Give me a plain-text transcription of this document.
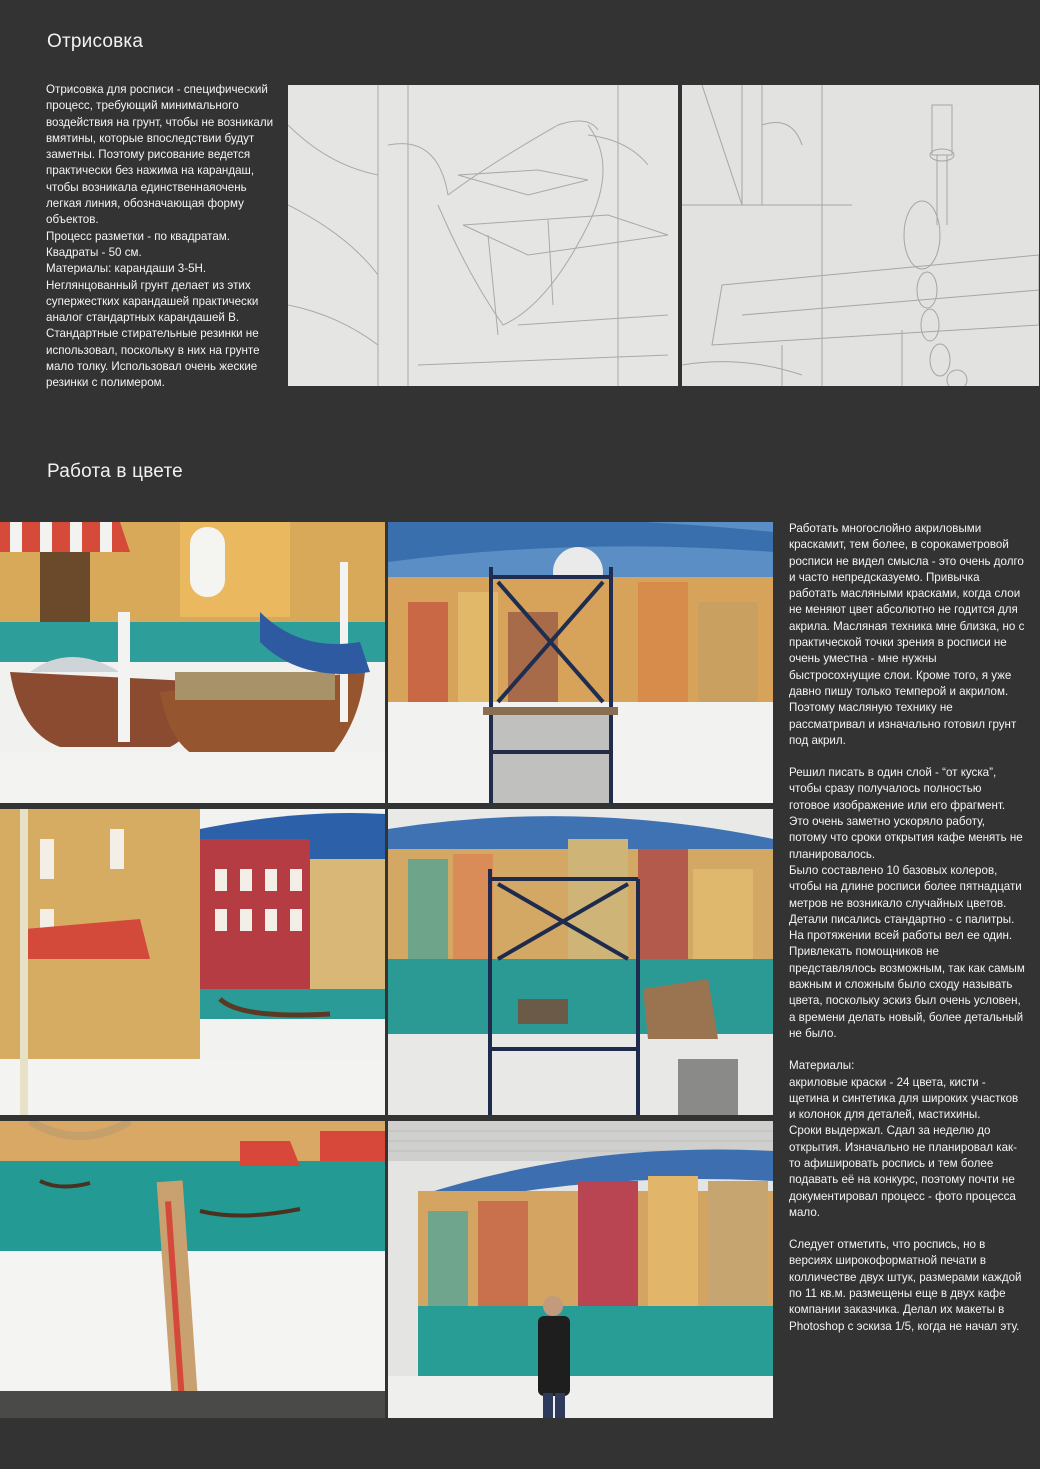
Отрисовка

Отрисовка для росписи - специфический процесс, требующий минимального воздействия на грунт, чтобы не возникали вмятины, которые впоследствии будут заметны. Поэтому рисование ведется практически без нажима на карандаш, чтобы возникала единственнаяочень легкая линия, обозначающая форму объектов.
Процесс разметки - по квадратам. Квадраты - 50 см.
Материалы: карандаши 3-5Н.
Неглянцованный грунт делает из этих супержестких карандашей практически аналог стандартных карандашей В.
Стандартные стирательные резинки не использовал, поскольку в них на грунте мало толку. Использовал очень жеские резинки с полимером.

Работа в цвете

Работать многослойно акриловыми краскамит, тем более, в сорокаметровой росписи не видел смысла - это очень долго и часто непредсказуемо. Привычка работать масляными красками, когда слои не меняют цвет абсолютно не годится для акрила. Масляная техника мне близка, но с практической точки зрения в росписи не очень уместна - мне нужны быстросохнущие слои. Кроме того, я уже давно пишу только темперой и акрилом. Поэтому масляную технику не рассматривал и изначально готовил грунт под акрил.

Решил писать в один слой - “от куска”, чтобы сразу получалось полностью готовое изображение или его фрагмент. Это очень заметно ускоряло работу, потому что сроки открытия кафе менять не планировалось.
Было составлено 10 базовых колеров, чтобы на длине росписи более пятнадцати метров не возникало случайных цветов. Детали писались стандартно - с палитры. На протяжении всей работы вел ее один. Привлекать помощников не представлялось возможным, так как самым важным и сложным было сходу называть цвета, поскольку эскиз был очень условен, а времени делать новый, более детальный не было.

Материалы:
акриловые краски - 24 цвета, кисти - щетина и синтетика для широких участков и колонок для деталей, мастихины.
Сроки выдержал. Сдал за неделю до открытия. Изначально не планировал как-то афишировать роспись и тем более подавать её на конкурс, поэтому почти не документировал процесс - фото процесса мало.

Следует отметить, что роспись, но в версиях широкоформатной печати в колличестве двух штук, размерами каждой по 11 кв.м. размещены еще в двух кафе компании заказчика. Делал их макеты в Photoshop с эскиза 1/5, когда не начал эту.
